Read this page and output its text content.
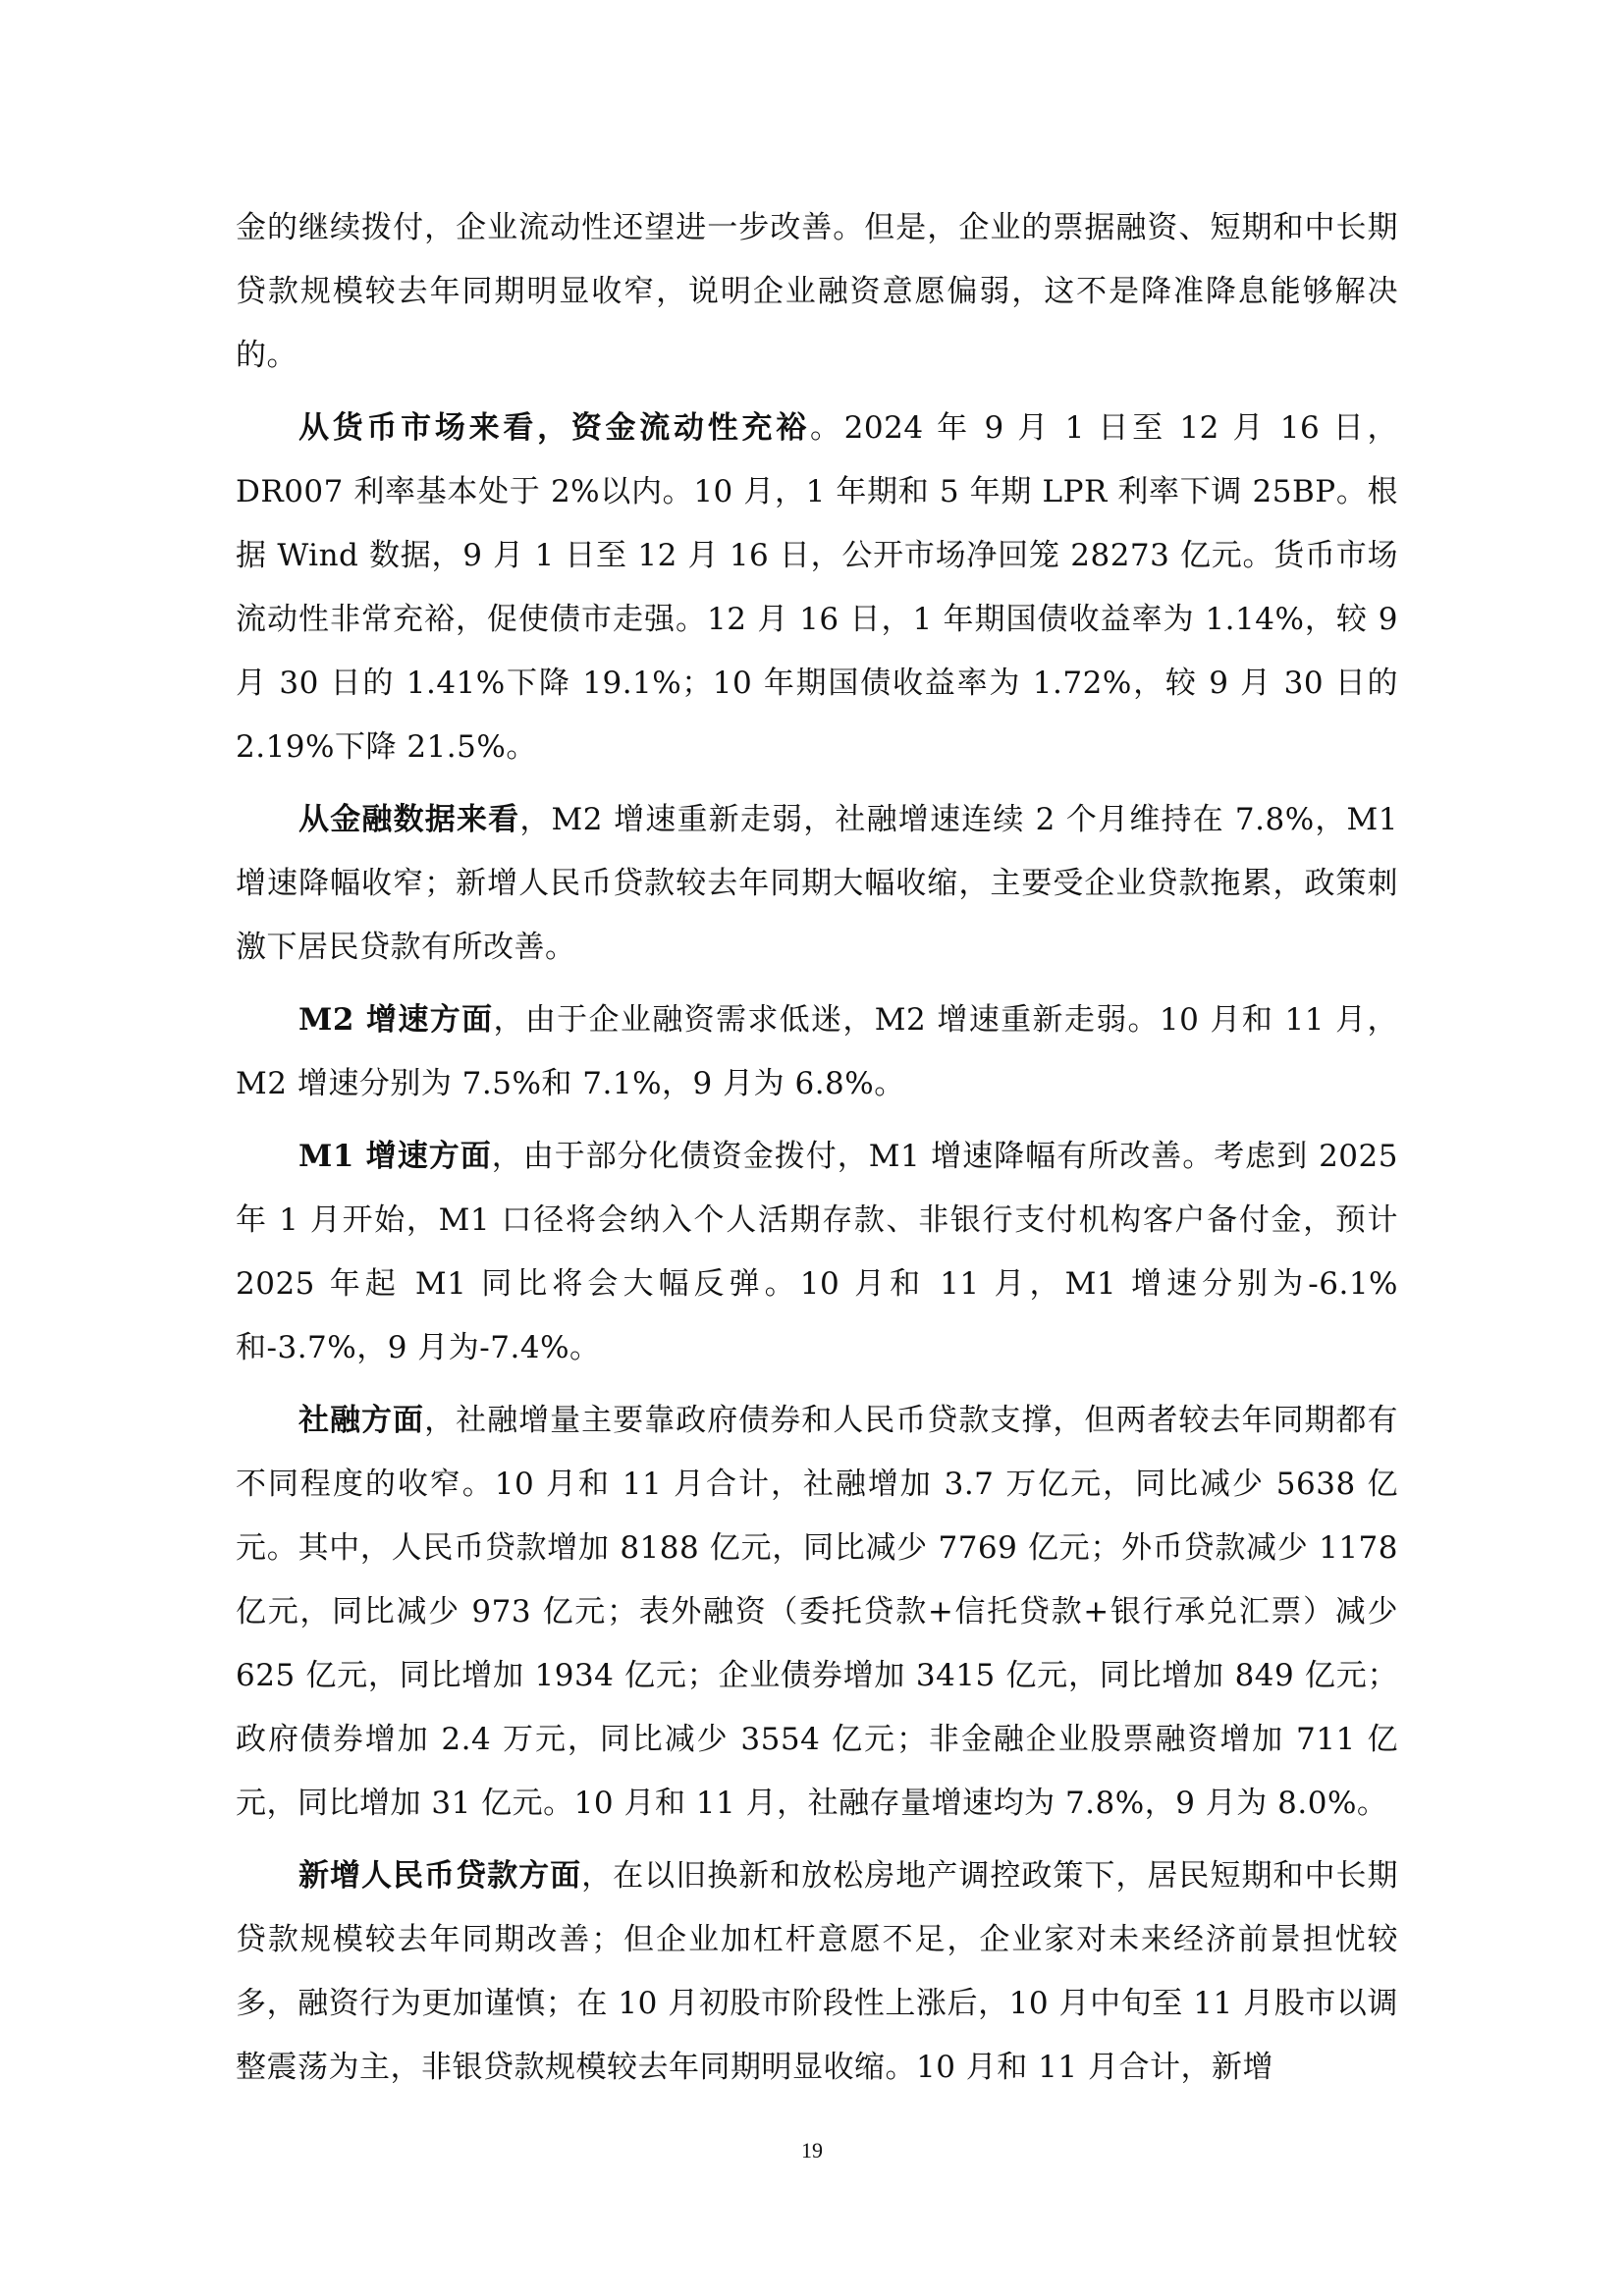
金的继续拨付，企业流动性还望进一步改善。但是，企业的票据融资、短期和中长期贷款规模较去年同期明显收窄，说明企业融资意愿偏弱，这不是降准降息能够解决的。

从货币市场来看，资金流动性充裕。2024 年 9 月 1 日至 12 月 16 日，DR007 利率基本处于 2%以内。10 月，1 年期和 5 年期 LPR 利率下调 25BP。根据 Wind 数据，9 月 1 日至 12 月 16 日，公开市场净回笼 28273 亿元。货币市场流动性非常充裕，促使债市走强。12 月 16 日，1 年期国债收益率为 1.14%，较 9 月 30 日的 1.41%下降 19.1%；10 年期国债收益率为 1.72%，较 9 月 30 日的 2.19%下降 21.5%。

从金融数据来看，M2 增速重新走弱，社融增速连续 2 个月维持在 7.8%，M1 增速降幅收窄；新增人民币贷款较去年同期大幅收缩，主要受企业贷款拖累，政策刺激下居民贷款有所改善。

M2 增速方面，由于企业融资需求低迷，M2 增速重新走弱。10 月和 11 月，M2 增速分别为 7.5%和 7.1%，9 月为 6.8%。

M1 增速方面，由于部分化债资金拨付，M1 增速降幅有所改善。考虑到 2025 年 1 月开始，M1 口径将会纳入个人活期存款、非银行支付机构客户备付金，预计 2025 年起 M1 同比将会大幅反弹。10 月和 11 月，M1 增速分别为-6.1%和-3.7%，9 月为-7.4%。

社融方面，社融增量主要靠政府债券和人民币贷款支撑，但两者较去年同期都有不同程度的收窄。10 月和 11 月合计，社融增加 3.7 万亿元，同比减少 5638 亿元。其中，人民币贷款增加 8188 亿元，同比减少 7769 亿元；外币贷款减少 1178 亿元，同比减少 973 亿元；表外融资（委托贷款+信托贷款+银行承兑汇票）减少 625 亿元，同比增加 1934 亿元；企业债券增加 3415 亿元，同比增加 849 亿元；政府债券增加 2.4 万元，同比减少 3554 亿元；非金融企业股票融资增加 711 亿元，同比增加 31 亿元。10 月和 11 月，社融存量增速均为 7.8%，9 月为 8.0%。

新增人民币贷款方面，在以旧换新和放松房地产调控政策下，居民短期和中长期贷款规模较去年同期改善；但企业加杠杆意愿不足，企业家对未来经济前景担忧较多，融资行为更加谨慎；在 10 月初股市阶段性上涨后，10 月中旬至 11 月股市以调整震荡为主，非银贷款规模较去年同期明显收缩。10 月和 11 月合计，新增

19
